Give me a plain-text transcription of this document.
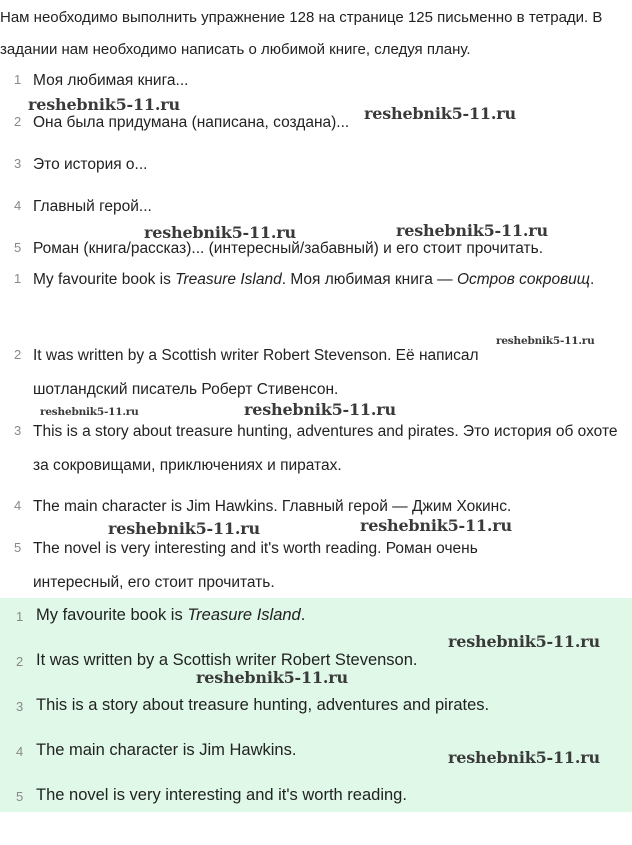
Нам необходимо выполнить упражнение 128 на странице 125 письменно в тетради. В задании нам необходимо написать о любимой книге, следуя плану.
1 Моя любимая книга...
2 Она была придумана (написана, создана)...
3 Это история о...
4 Главный герой...
5 Роман (книга/рассказ)... (интересный/забавный) и его стоит прочитать.
1 My favourite book is Treasure Island. Моя любимая книга — Остров сокровищ.
2 It was written by a Scottish writer Robert Stevenson. Её написал шотландский писатель Роберт Стивенсон.
3 This is a story about treasure hunting, adventures and pirates. Это история об охоте за сокровищами, приключениях и пиратах.
4 The main character is Jim Hawkins. Главный герой — Джим Хокинс.
5 The novel is very interesting and it's worth reading. Роман очень интересный, его стоит прочитать.
1 My favourite book is Treasure Island.
2 It was written by a Scottish writer Robert Stevenson.
3 This is a story about treasure hunting, adventures and pirates.
4 The main character is Jim Hawkins.
5 The novel is very interesting and it's worth reading.
reshebnik5-11.ru	reshebnik5-11.ru
reshebnik5-11.ru	reshebnik5-11.ru
reshebnik5-11.ru
reshebnik5-11.ru	reshebnik5-11.ru
reshebnik5-11.ru	reshebnik5-11.ru
reshebnik5-11.ru
reshebnik5-11.ru
reshebnik5-11.ru
